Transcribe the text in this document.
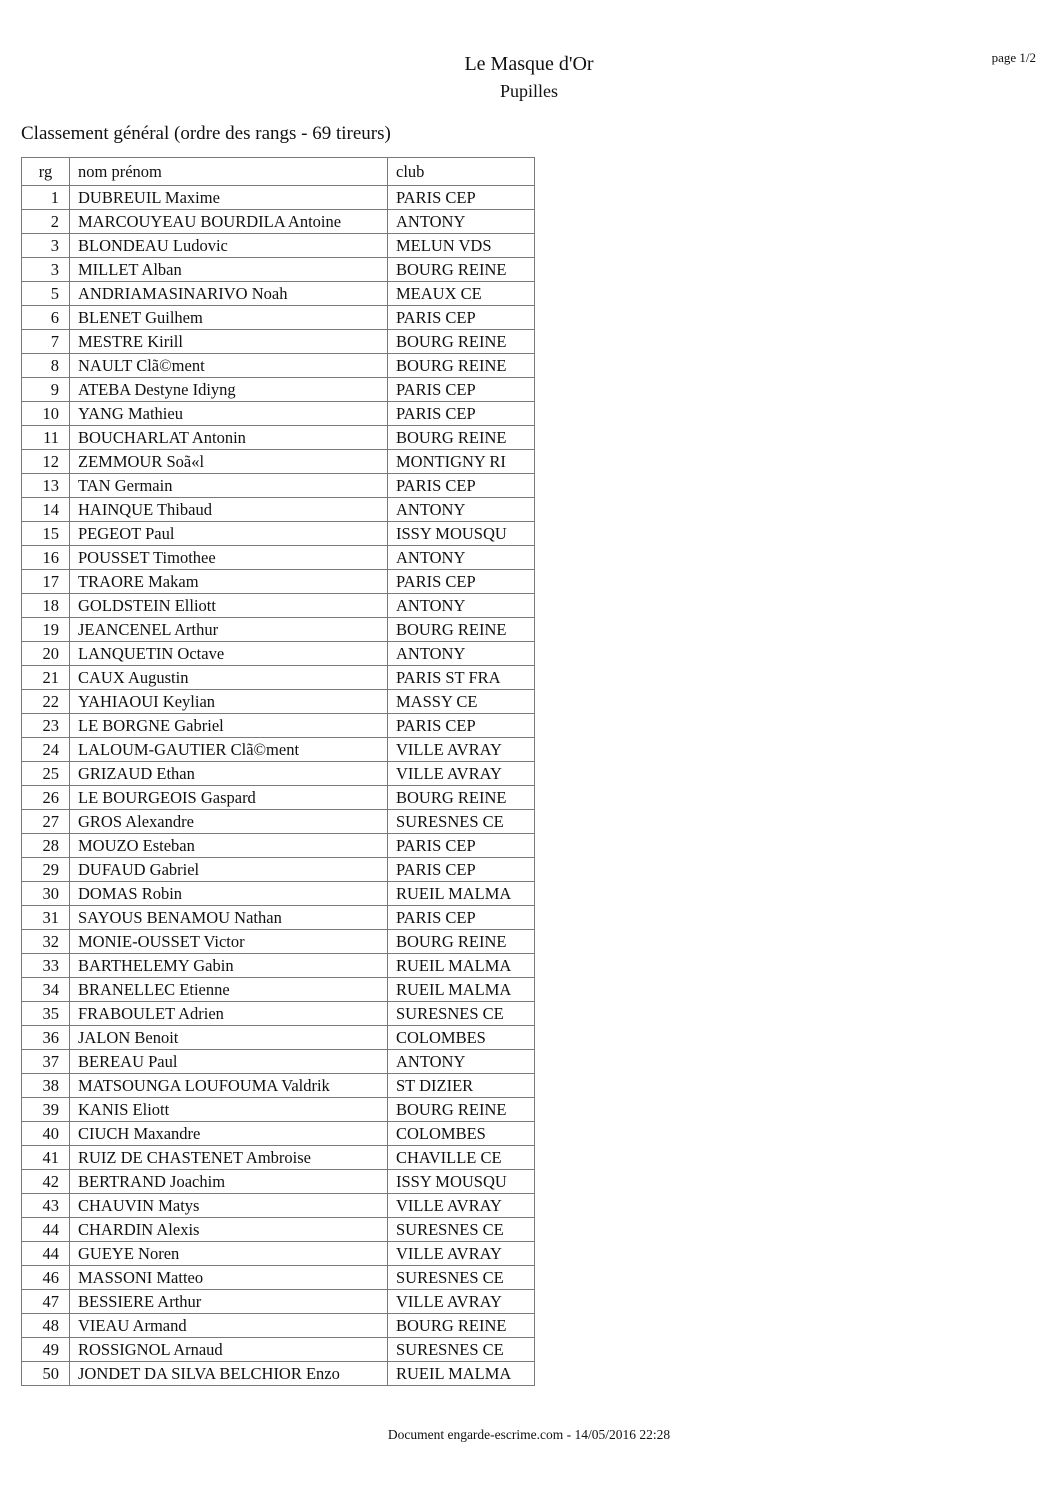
Le Masque d'Or
Pupilles
page 1/2
Classement général (ordre des rangs - 69 tireurs)
rg	nom prénom	club
1	DUBREUIL Maxime	PARIS CEP
2	MARCOUYEAU BOURDILA Antoine	ANTONY
3	BLONDEAU Ludovic	MELUN VDS
3	MILLET Alban	BOURG REINE
5	ANDRIAMASINARIVO Noah	MEAUX CE
6	BLENET Guilhem	PARIS CEP
7	MESTRE Kirill	BOURG REINE
8	NAULT Clã©ment	BOURG REINE
9	ATEBA Destyne Idiyng	PARIS CEP
10	YANG Mathieu	PARIS CEP
11	BOUCHARLAT Antonin	BOURG REINE
12	ZEMMOUR Soã«l	MONTIGNY RI
13	TAN Germain	PARIS CEP
14	HAINQUE Thibaud	ANTONY
15	PEGEOT Paul	ISSY MOUSQU
16	POUSSET Timothee	ANTONY
17	TRAORE Makam	PARIS CEP
18	GOLDSTEIN Elliott	ANTONY
19	JEANCENEL Arthur	BOURG REINE
20	LANQUETIN Octave	ANTONY
21	CAUX Augustin	PARIS ST FRA
22	YAHIAOUI Keylian	MASSY CE
23	LE BORGNE Gabriel	PARIS CEP
24	LALOUM-GAUTIER Clã©ment	VILLE AVRAY
25	GRIZAUD Ethan	VILLE AVRAY
26	LE BOURGEOIS Gaspard	BOURG REINE
27	GROS Alexandre	SURESNES CE
28	MOUZO Esteban	PARIS CEP
29	DUFAUD Gabriel	PARIS CEP
30	DOMAS Robin	RUEIL MALMA
31	SAYOUS BENAMOU Nathan	PARIS CEP
32	MONIE-OUSSET Victor	BOURG REINE
33	BARTHELEMY Gabin	RUEIL MALMA
34	BRANELLEC Etienne	RUEIL MALMA
35	FRABOULET Adrien	SURESNES CE
36	JALON Benoit	COLOMBES
37	BEREAU Paul	ANTONY
38	MATSOUNGA LOUFOUMA Valdrik	ST DIZIER
39	KANIS Eliott	BOURG REINE
40	CIUCH Maxandre	COLOMBES
41	RUIZ DE CHASTENET Ambroise	CHAVILLE CE
42	BERTRAND Joachim	ISSY MOUSQU
43	CHAUVIN Matys	VILLE AVRAY
44	CHARDIN Alexis	SURESNES CE
44	GUEYE Noren	VILLE AVRAY
46	MASSONI Matteo	SURESNES CE
47	BESSIERE Arthur	VILLE AVRAY
48	VIEAU Armand	BOURG REINE
49	ROSSIGNOL Arnaud	SURESNES CE
50	JONDET DA SILVA BELCHIOR Enzo	RUEIL MALMA
Document engarde-escrime.com - 14/05/2016 22:28
